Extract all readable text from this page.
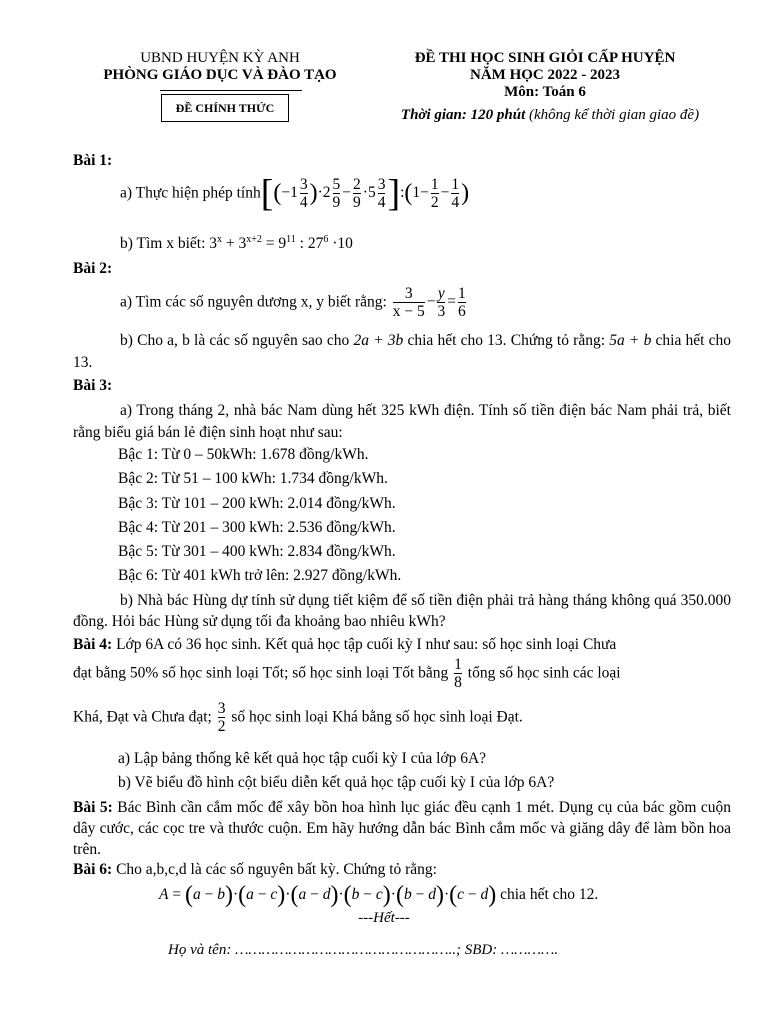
UBND HUYỆN KỲ ANH
PHÒNG GIÁO DỤC VÀ ĐÀO TẠO
ĐỀ CHÍNH THỨC
ĐỀ THI HỌC SINH GIỎI CẤP HUYỆN
NĂM HỌC 2022 - 2023
Môn: Toán 6
Thời gian: 120 phút (không kể thời gian giao đề)
Bài 1:
a) Thực hiện phép tính[(−1 $\frac{3}{4} )\cdot 2 \frac{5}{9} - \frac{2}{9} \cdot 5 \frac{3}{4}$ ]:(1− $\frac{1}{2} - \frac{1}{4}$ )
b) Tìm x biết: $3^x + 3^{x+2} = 9^{11}$ : $27^6 \cdot 10$
Bài 2:
a) Tìm các số nguyên dương x, y biết rằng: $\frac{3}{x - 5} - \frac{y}{3} = \frac{1}{6}$
b) Cho a, b là các số nguyên sao cho 2a + 3b chia hết cho 13. Chứng tỏ rằng: 5a + b chia hết cho 13.
Bài 3:
a) Trong tháng 2, nhà bác Nam dùng hết 325 kWh điện. Tính số tiền điện bác Nam phải trả, biết rằng biểu giá bán lẻ điện sinh hoạt như sau:
Bậc 1: Từ 0 – 50kWh: 1.678 đồng/kWh.
Bậc 2: Từ 51 – 100 kWh: 1.734 đồng/kWh.
Bậc 3: Từ 101 – 200 kWh: 2.014 đồng/kWh.
Bậc 4: Từ 201 – 300 kWh: 2.536 đồng/kWh.
Bậc 5: Từ 301 – 400 kWh: 2.834 đồng/kWh.
Bậc 6: Từ 401 kWh trở lên: 2.927 đồng/kWh.
b) Nhà bác Hùng dự tính sử dụng tiết kiệm để số tiền điện phải trả hàng tháng không quá 350.000 đồng. Hỏi bác Hùng sử dụng tối đa khoảng bao nhiêu kWh?
Bài 4: Lớp 6A có 36 học sinh. Kết quả học tập cuối kỳ I như sau: số học sinh loại Chưa
đạt bằng 50% số học sinh loại Tốt; số học sinh loại Tốt bằng $\frac{1}{8}$ tổng số học sinh các loại
Khá, Đạt và Chưa đạt; $\frac{3}{2}$ số học sinh loại Khá bằng số học sinh loại Đạt.
a) Lập bảng thống kê kết quả học tập cuối kỳ I của lớp 6A?
b) Vẽ biểu đồ hình cột biểu diễn kết quả học tập cuối kỳ I của lớp 6A?
Bài 5: Bác Bình cần cắm mốc để xây bồn hoa hình lục giác đều cạnh 1 mét. Dụng cụ của bác gồm cuộn dây cước, các cọc tre và thước cuộn. Em hãy hướng dẫn bác Bình cắm mốc và giăng dây để làm bồn hoa trên.
Bài 6: Cho a,b,c,d là các số nguyên bất kỳ. Chứng tỏ rằng:
A = (a − b)·(a − c)·(a − d)·(b − c)·(b − d)·(c − d) chia hết cho 12.
---Hết---
Họ và tên: …………………………………………..; SBD: ………….
